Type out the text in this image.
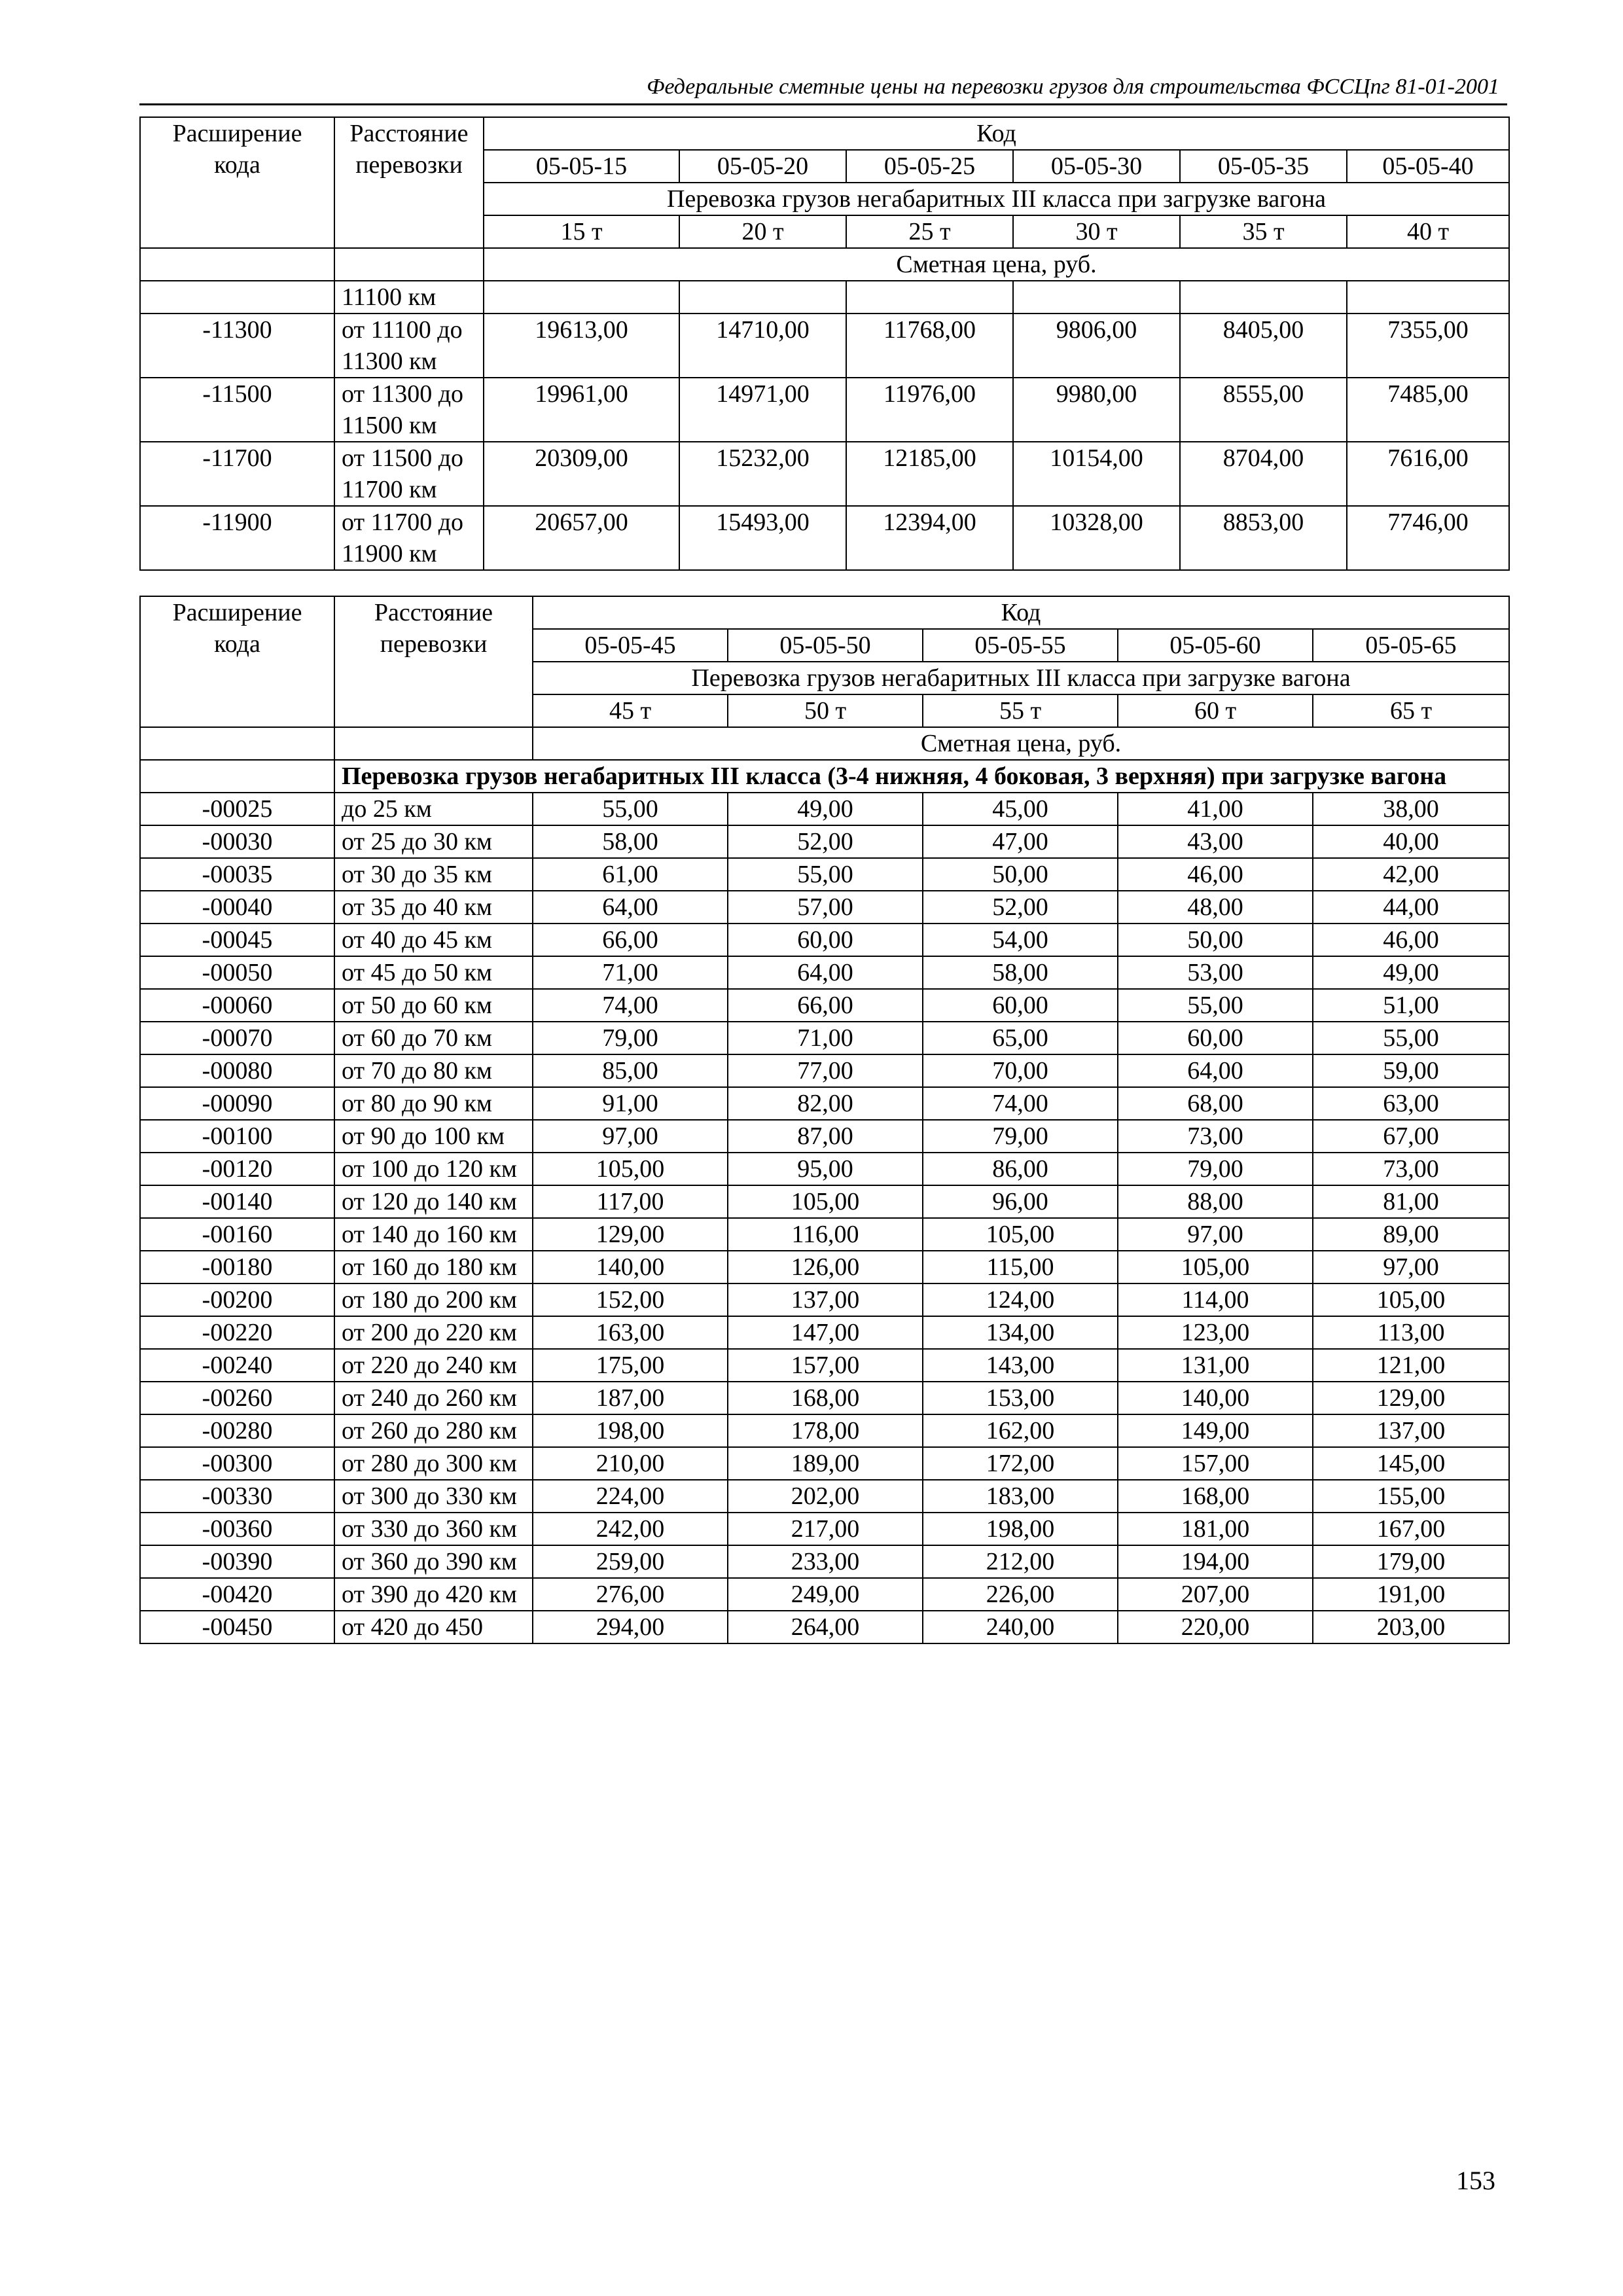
Федеральные сметные цены на перевозки грузов для строительства ФССЦпг 81-01-2001
Расширение кода	Расстояние перевозки	Код					
		05-05-15	05-05-20	05-05-25	05-05-30	05-05-35	05-05-40
		Перевозка грузов негабаритных III класса при загрузке вагона					
		15 т	20 т	25 т	30 т	35 т	40 т
		Сметная цена, руб.					
	11100 км						
-11300	от 11100 до 11300 км	19613,00	14710,00	11768,00	9806,00	8405,00	7355,00
-11500	от 11300 до 11500 км	19961,00	14971,00	11976,00	9980,00	8555,00	7485,00
-11700	от 11500 до 11700 км	20309,00	15232,00	12185,00	10154,00	8704,00	7616,00
-11900	от 11700 до 11900 км	20657,00	15493,00	12394,00	10328,00	8853,00	7746,00
Расширение кода	Расстояние перевозки	Код				
		05-05-45	05-05-50	05-05-55	05-05-60	05-05-65
		Перевозка грузов негабаритных III класса при загрузке вагона				
		45 т	50 т	55 т	60 т	65 т
		Сметная цена, руб.				
	Перевозка грузов негабаритных III класса (3-4 нижняя, 4 боковая, 3 верхняя) при загрузке вагона					
-00025	до 25 км	55,00	49,00	45,00	41,00	38,00
-00030	от 25 до 30 км	58,00	52,00	47,00	43,00	40,00
-00035	от 30 до 35 км	61,00	55,00	50,00	46,00	42,00
-00040	от 35 до 40 км	64,00	57,00	52,00	48,00	44,00
-00045	от 40 до 45 км	66,00	60,00	54,00	50,00	46,00
-00050	от 45 до 50 км	71,00	64,00	58,00	53,00	49,00
-00060	от 50 до 60 км	74,00	66,00	60,00	55,00	51,00
-00070	от 60 до 70 км	79,00	71,00	65,00	60,00	55,00
-00080	от 70 до 80 км	85,00	77,00	70,00	64,00	59,00
-00090	от 80 до 90 км	91,00	82,00	74,00	68,00	63,00
-00100	от 90 до 100 км	97,00	87,00	79,00	73,00	67,00
-00120	от 100 до 120 км	105,00	95,00	86,00	79,00	73,00
-00140	от 120 до 140 км	117,00	105,00	96,00	88,00	81,00
-00160	от 140 до 160 км	129,00	116,00	105,00	97,00	89,00
-00180	от 160 до 180 км	140,00	126,00	115,00	105,00	97,00
-00200	от 180 до 200 км	152,00	137,00	124,00	114,00	105,00
-00220	от 200 до 220 км	163,00	147,00	134,00	123,00	113,00
-00240	от 220 до 240 км	175,00	157,00	143,00	131,00	121,00
-00260	от 240 до 260 км	187,00	168,00	153,00	140,00	129,00
-00280	от 260 до 280 км	198,00	178,00	162,00	149,00	137,00
-00300	от 280 до 300 км	210,00	189,00	172,00	157,00	145,00
-00330	от 300 до 330 км	224,00	202,00	183,00	168,00	155,00
-00360	от 330 до 360 км	242,00	217,00	198,00	181,00	167,00
-00390	от 360 до 390 км	259,00	233,00	212,00	194,00	179,00
-00420	от 390 до 420 км	276,00	249,00	226,00	207,00	191,00
-00450	от 420 до 450	294,00	264,00	240,00	220,00	203,00
153
